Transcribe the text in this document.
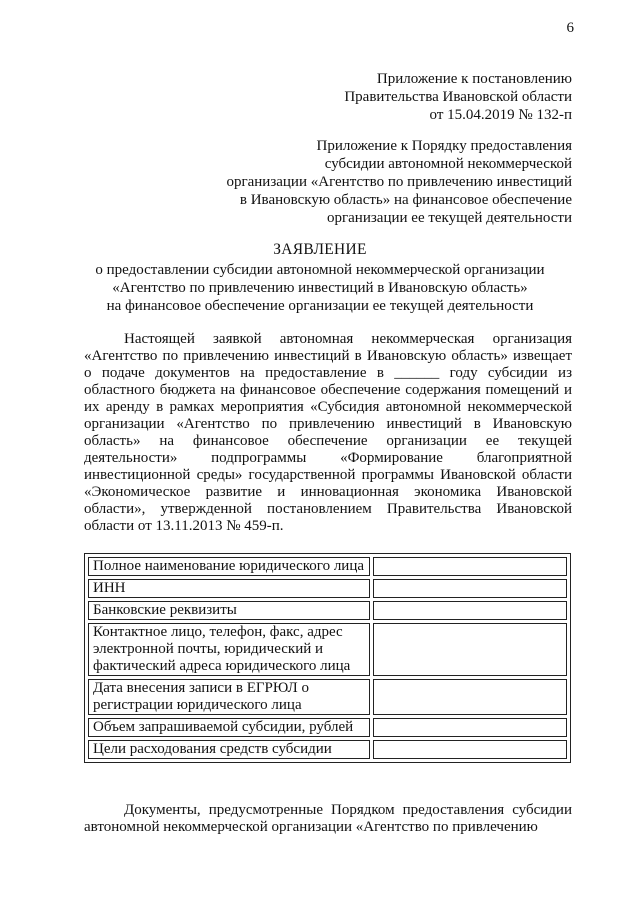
6
Приложение к постановлению
Правительства Ивановской области
от 15.04.2019 № 132-п
Приложение к Порядку предоставления
субсидии автономной некоммерческой
организации «Агентство по привлечению инвестиций
в Ивановскую область» на финансовое обеспечение
организации ее текущей деятельности
ЗАЯВЛЕНИЕ
о предоставлении субсидии автономной некоммерческой организации
«Агентство по привлечению инвестиций в Ивановскую область»
на финансовое обеспечение организации ее текущей деятельности
Настоящей заявкой автономная некоммерческая организация «Агентство по привлечению инвестиций в Ивановскую область» извещает о подаче документов на предоставление в ______ году субсидии из областного бюджета на финансовое обеспечение содержания помещений и их аренду в рамках мероприятия «Субсидия автономной некоммерческой организации «Агентство по привлечению инвестиций в Ивановскую область» на финансовое обеспечение организации ее текущей деятельности» подпрограммы «Формирование благоприятной инвестиционной среды» государственной программы Ивановской области «Экономическое развитие и инновационная экономика Ивановской области», утвержденной постановлением Правительства Ивановской области от 13.11.2013 № 459-п.
Полное наименование юридического лица	
ИНН	
Банковские реквизиты	
Контактное лицо, телефон, факс, адрес электронной почты, юридический и фактический адреса юридического лица	
Дата внесения записи в ЕГРЮЛ о регистрации юридического лица	
Объем запрашиваемой субсидии, рублей	
Цели расходования средств субсидии	
Документы, предусмотренные Порядком предоставления субсидии автономной некоммерческой организации «Агентство по привлечению
